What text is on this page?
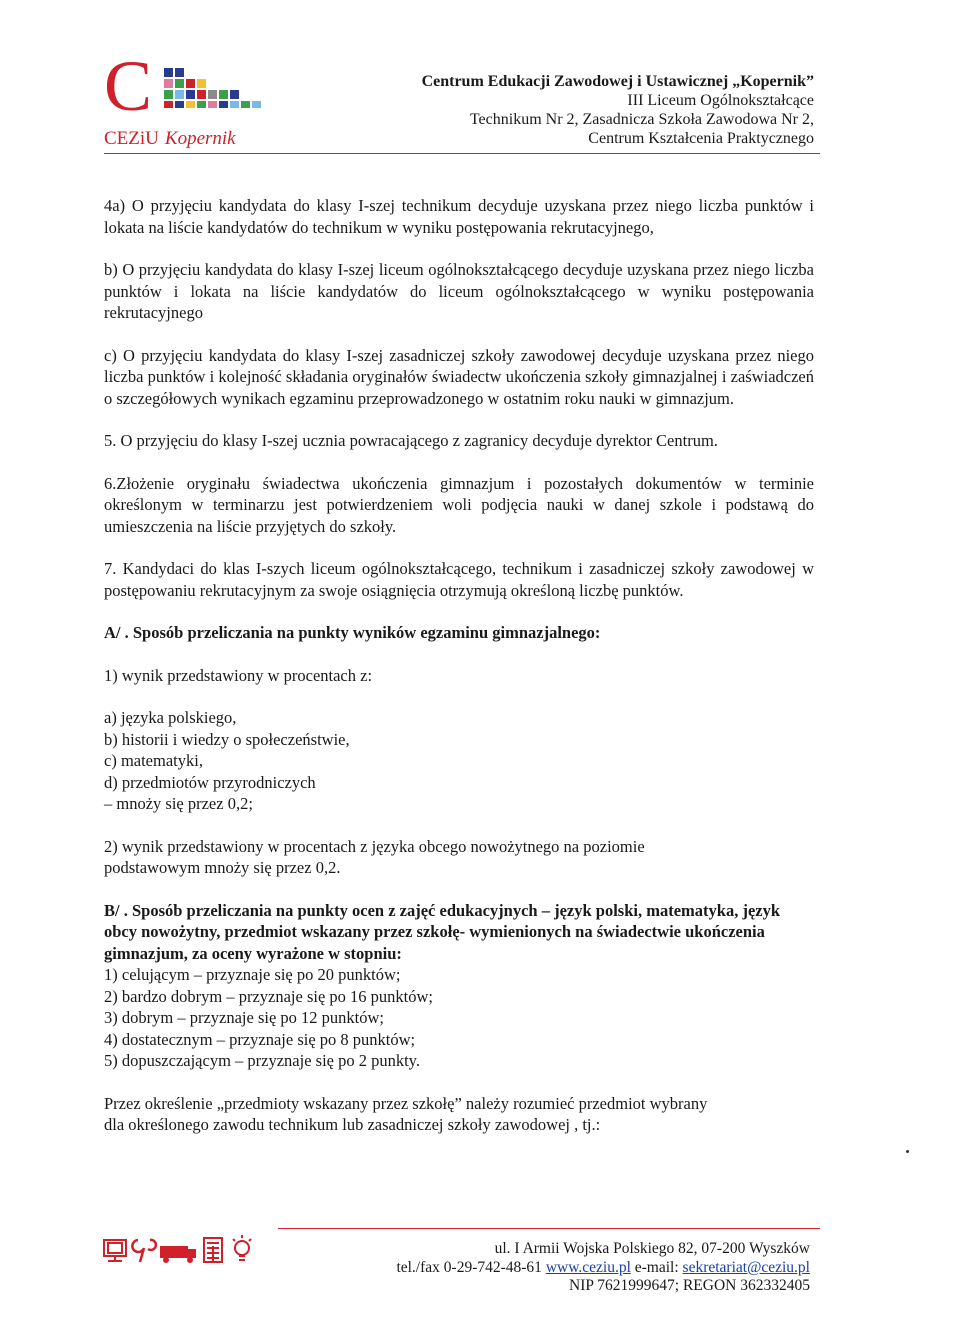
C
CEZiU Kopernik
Centrum Edukacji Zawodowej i Ustawicznej „Kopernik”
III Liceum Ogólnokształcące
Technikum Nr 2, Zasadnicza Szkoła Zawodowa Nr 2,
Centrum Kształcenia Praktycznego

4a) O przyjęciu kandydata do klasy I-szej technikum decyduje uzyskana przez niego liczba punktów i lokata na liście kandydatów do technikum w wyniku postępowania rekrutacyjnego,

b) O przyjęciu kandydata do klasy I-szej liceum ogólnokształcącego decyduje uzyskana przez niego liczba punktów i lokata na liście kandydatów do liceum ogólnokształcącego w wyniku postępowania rekrutacyjnego

c) O przyjęciu kandydata do klasy I-szej zasadniczej szkoły zawodowej decyduje uzyskana przez niego liczba punktów i kolejność składania oryginałów świadectw ukończenia szkoły gimnazjalnej i zaświadczeń o szczegółowych wynikach egzaminu przeprowadzonego w ostatnim roku nauki w gimnazjum.

5. O przyjęciu do klasy I-szej ucznia powracającego z zagranicy decyduje dyrektor Centrum.

6.Złożenie oryginału świadectwa ukończenia gimnazjum i pozostałych dokumentów w terminie określonym w terminarzu jest potwierdzeniem woli podjęcia nauki w danej szkole i podstawą do umieszczenia na liście przyjętych do szkoły.

7. Kandydaci do klas I-szych liceum ogólnokształcącego, technikum i zasadniczej szkoły zawodowej w postępowaniu rekrutacyjnym za swoje osiągnięcia otrzymują określoną liczbę punktów.

A/ . Sposób przeliczania na punkty wyników egzaminu gimnazjalnego:

1) wynik przedstawiony w procentach z:

a) języka polskiego,
b) historii i wiedzy o społeczeństwie,
c) matematyki,
d) przedmiotów przyrodniczych
– mnoży się przez 0,2;
2) wynik przedstawiony w procentach z języka obcego nowożytnego na poziomie
podstawowym mnoży się przez 0,2.

B/ . Sposób przeliczania na punkty ocen z zajęć edukacyjnych – język polski, matematyka, język obcy nowożytny, przedmiot wskazany przez szkołę- wymienionych na świadectwie ukończenia gimnazjum, za oceny wyrażone w stopniu:

1) celującym – przyznaje się po 20 punktów;
2) bardzo dobrym – przyznaje się po 16 punktów;
3) dobrym – przyznaje się po 12 punktów;
4) dostatecznym – przyznaje się po 8 punktów;
5) dopuszczającym – przyznaje się po 2 punkty.
Przez określenie „przedmioty wskazany przez szkołę” należy rozumieć przedmiot wybrany
dla określonego zawodu technikum lub zasadniczej szkoły zawodowej , tj.:
ul. I Armii Wojska Polskiego 82, 07-200 Wyszków
tel./fax 0-29-742-48-61 www.ceziu.pl e-mail: sekretariat@ceziu.pl
NIP 7621999647; REGON 362332405
